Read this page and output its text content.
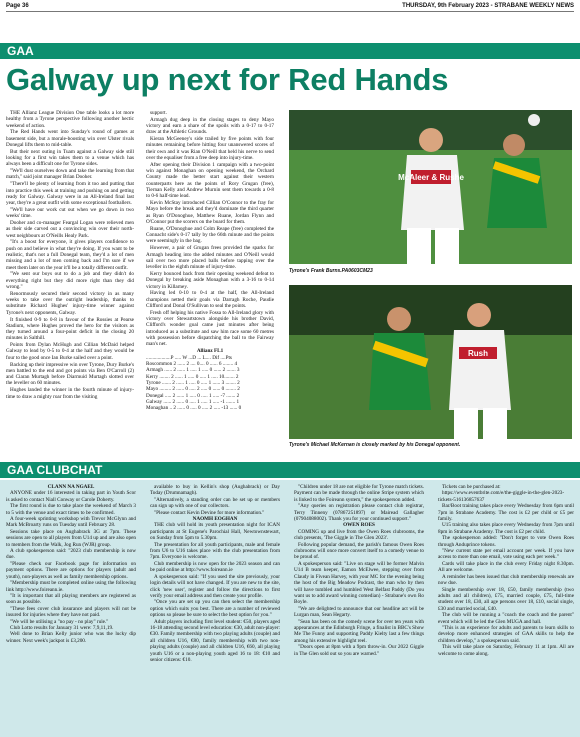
Page 36	THURSDAY, 9th February 2023 - STRABANE WEEKLY NEWS
GAA
Galway up next for Red Hands

THE Allianz League Division One table looks a lot more healthy from a Tyrone perspective following another hectic weekend of action.

The Red Hands went into Sunday's round of games at basement side, but a morale-boosting win over Ulster rivals Donegal lifts them to mid-table.

But their next outing in Tuam against a Galway side still looking for a first win takes them to a venue which has always been a difficult one for Tyrone sides.

"We'll dust ourselves down and take the learning from that match," said joint manager Brian Dooher.

"There'll be plenty of learning from it too and putting that into practice this week at training and pushing on and getting ready for Galway. Galway were in an All-Ireland final last year, they're a great outfit with some exceptional footballers.

"We'll have our work cut out when we go down in two weeks' time.

Dooher and co-manager Feargal Logan were relieved men as their side carved out a convincing win over their north-west neighbours at O'Neills Healy Park.

"It's a boost for everyone, it gives players confidence to push on and believe in what they're doing. If you want to be realistic, that's not a full Donegal team, they'd a lot of men missing and a lot of men coming back and I'm sure if we meet them later on the year it'll be a totally different outfit.

"We sent our boys out to do a job and they didn't do everything right but they did more right than they did wrong."

Renormously secured their second victory in as many weeks to take over the outright leadership, thanks to substitute Richard Hughes' injury-time winner against Tyrone's next opponents, Galway.

It finished 0-9 to 0-8 in favour of the Rossies at Pearse Stadium, where Hughes proved the hero for the visitors as they turned around a four-point deficit in the closing 20 minutes in Salthill.

Points from Dylan McHugh and Cillian McDaid helped Galway to lead by 0-5 to 0-4 at the half and they would be four to the good once Ian Burke sailed over a point.

Backing up their impressive win over Tyrone, Dury Burke's men battled to the end and got points via Ben O'Carroll (2) and Ciaran Murtagh before Diarmuid Murtagh slotted over the leveller on 60 minutes.

Hughes landed the winner in the fourth minute of injury-time to draw a mighty roar from the visiting

support.

Armagh dug deep in the closing stages to deny Mayo victory and earn a share of the spoils with a 0-17 to 0-17 draw at the Athletic Grounds.

Kieran McGeeney's side trailed by five points with four minutes remaining before hitting four unanswered scores of their own and it was Rian O'Neill that held his nerve to send over the equaliser from a free deep into injury-time.

After opening their Division 1 campaign with a two-point win against Monaghan on opening weekend, the Orchard County made the better start against their western counterparts here as the points of Rory Grugan (free), Tiernan Kelly and Andrew Murnin sent them towards a 0-8 to 0-6 half-time lead.

Kevin McStay introduced Cillian O'Connor to the fray for Mayo before the break and they'd dominate the third quarter as Ryan O'Donoghue, Matthew Ruane, Jordan Flynn and O'Connor put the scorers on the board for them.

Ruane, O'Donoghue and Colm Reape (free) completed the Connacht side's 0-17 tally by the 66th minute and the points were seemingly in the bag.

However, a pair of Grugan frees provided the sparks for Armagh heading into the added minutes and O'Neill would sail over two more placed balls before tapping over the leveller in the eighth minute of injury-time.

Kerry bounced back from their opening weekend defeat to Donegal by breaking aside Monaghan with a 3-16 to 0-14 victory in Killarney.

Having led 0-10 to 0-4 at the half, the All-Ireland champions netted their goals via Darragh Roche, Paudie Clifford and Donal O'Sullivan to seal the points.

Fresh off helping his native Fossa to All-Ireland glory with victory over Stewartstown alongside his brother David, Clifford's wonder goal came just minutes after being introduced as a substitute and saw him race some 60 metres with possession before dispatching the ball to the Fairway man's net.

Allianz FL1
...................P ..... W ...D ... L.... Dif ....Pts
Roscommon 2 ...... 2 .... 0.... 0 ...... 6 ........ 4
Armagh ...... 2 ...... 1 ..... 1 ..... 0 ...... 2 ....... 3
Kerry ........ 2 ...... 1 ..... 0 ..... 1 ..... 10........ 2
Tyrone ....... 2 ...... 1 ..... 0 ..... 1 ...... 3 ........ 2
Mayo ......... 2 ...... 0 ..... 2 ..... 0 ...... 0 ........ 2
Donegal ..... 2 ...... 1 ..... 0 ..... 1 ..... -7 ....... 2
Galway ...... 2 ...... 0 ..... 1 ..... 1 ..... -1 ....... 1
Monaghan .. 2 ...... 0 ..... 0 ..... 2 ..... -13 ...... 0
McAleer & Rushe
Tyrone's Frank Burns.PA0603CM23
Rush
Tyrone's Michael McKernan is closely marked by his Donegal opponent.
GAA CLUBCHAT

CLANN NA NGAEL

ANYONE under 16 interested in taking part in Youth Scor is asked to contact Niall Conway or Carole Doherty.

The first round is due to take place the weekend of March 3 to 5 with the venue and exact times to be confirmed.

A four-week sprinting workshop with Trevor McGlynn and Mark McBroarty runs on Tuesday until February 28.

Sessions take place on Aughabrack 3G at 7pm. These sessions are open to all players from U14 up and are also open to members from the Walk, Jog Run (WJR) group.

A club spokesperson said: "2023 club membership is now due.

"Please check our Facebook page for information on payment options. There are options for players (adult and youth), non-players as well as family membership options.

"Membership must be completed online using the following link http://www.foireann.ie.

"It is important that all playing members are registered as soon as possible.

"These fees cover club insurance and players will not be insured for injuries where they have not paid.

"We will be utilising a "no pay - no play" rule."

Club Lotto results for January 31 were: 7,9,11,19.

Well done to Brian Kelly junior who was the lucky dip winner. Next week's jackpot is £3,200.

available to buy in Kellin's shop (Aughabrack) or Day Today (Drumnamagh).

"Alternatively, a standing order can be set up or members can sign up with one of our collectors.

"Please contact Kevin Devine for more information."

NAOMH EOGHAN

THE club will hold its youth presentation night for ICAN participants at St Eugene's Parochial Hall, Newtownstewart, on Sunday from 5pm to 5.30pm.

The presentation for all youth participants, male and female from U6 to U16 takes place with the club presentation from 7pm. Everyone is welcome.

Club membership is now open for the 2023 season and can be paid online at http://www.foireann.ie

A spokesperson said: "If you used the site previously, your login details will not have changed. If you are new to the site, click 'new user', register and follow the directions to first verify your email address and then create your profile.

"Once you are set up you can then select the membership option which suits you best. There are a number of reviewed options so please be sure to select the best option for you."

Adult players including first level student: €50, players aged 16-18 attending second level education: €30, adult non-player: €30. Family membership with two playing adults (couple) and all children U16, €80, family membership with two non-playing adults (couple) and all children U16, €60, all playing youth U16 or a non-playing youth aged 16 to 18: €10 and senior citizens: €10.

"Children under 18 are not eligible for Tyrone match tickets. Payment can be made through the online Stripe system which is linked to the Foireann system," the spokesperson added.

"Any queries on registration please contact club registrar, Terry Tinneny (07867251897) or Mairead Gallagher (07904088002). Thank you for your continued support."

OWEN ROES

COMING up and live from the Owen Roes clubrooms, the club presents, 'The Giggle in The Glen 2023'.

Following popular demand, the parish's famous Owen Roes clubrooms will once more convert itself to a comedy venue to be proud of.

A spokesperson said: "Live on stage will be former Malvin U14 B team keeper, Eamon McElwee, stepping over from Claudy in Fivean Harvey, with your MC for the evening being the host of the Big Meadow Podcast, the man who by then will have tumbled and humbled West Belfast Paddy (Do you want us to add award winning comedian) - Strabane's own Ro Boyle.

"We are delighted to announce that our headline act will be Lurgan man, Sean Hegarty.

"Sean has been on the comedy scene for over ten years with appearances at the Edinburgh Fringe, a finalist in BBC's Show Me The Funny and supporting Paddy Kielty last a few things among his extensive highlight reel.

"Doors open at 8pm with a 9pm throw-in. Our 2022 Giggle in The Glen sold out so you are warned."

Tickets can be purchased at:

https://www.eventbrite.com/e/the-giggle-in-the-glen-2023-tickets-516136857637

Bar/Boot training takes place every Wednesday from 6pm until 7pm in Strabane Academy. The cost is £2 per child or £5 per family.

U15 training also takes place every Wednesday from 7pm until 8pm in Strabane Academy. The cost is £2 per child.

The spokesperson added: "Don't forget to vote Owen Roes through Anduprince tokens.

"New current state per email account per week. If you have access to more than one email, vote using each per week."

Cards will take place in the club every Friday night 8.30pm. All are welcome.

A reminder has been issued that club membership renewals are now due.

Single membership over 18, £50, family membership (two adults and all children), £75, married couple, £75, full-time student over 18, £30, all age persons over 18, £10, social single, £30 and married social, £40.

The club will be running a "coach the coach and the parent" event which will be led the Glen MUGA and hall.

"This is an experience for adults and parents to learn skills to develop more enhanced strategies of GAA skills to help the children develop," a spokesperson said.

This will take place on Saturday, February 11 at 1pm. All are welcome to come along.
